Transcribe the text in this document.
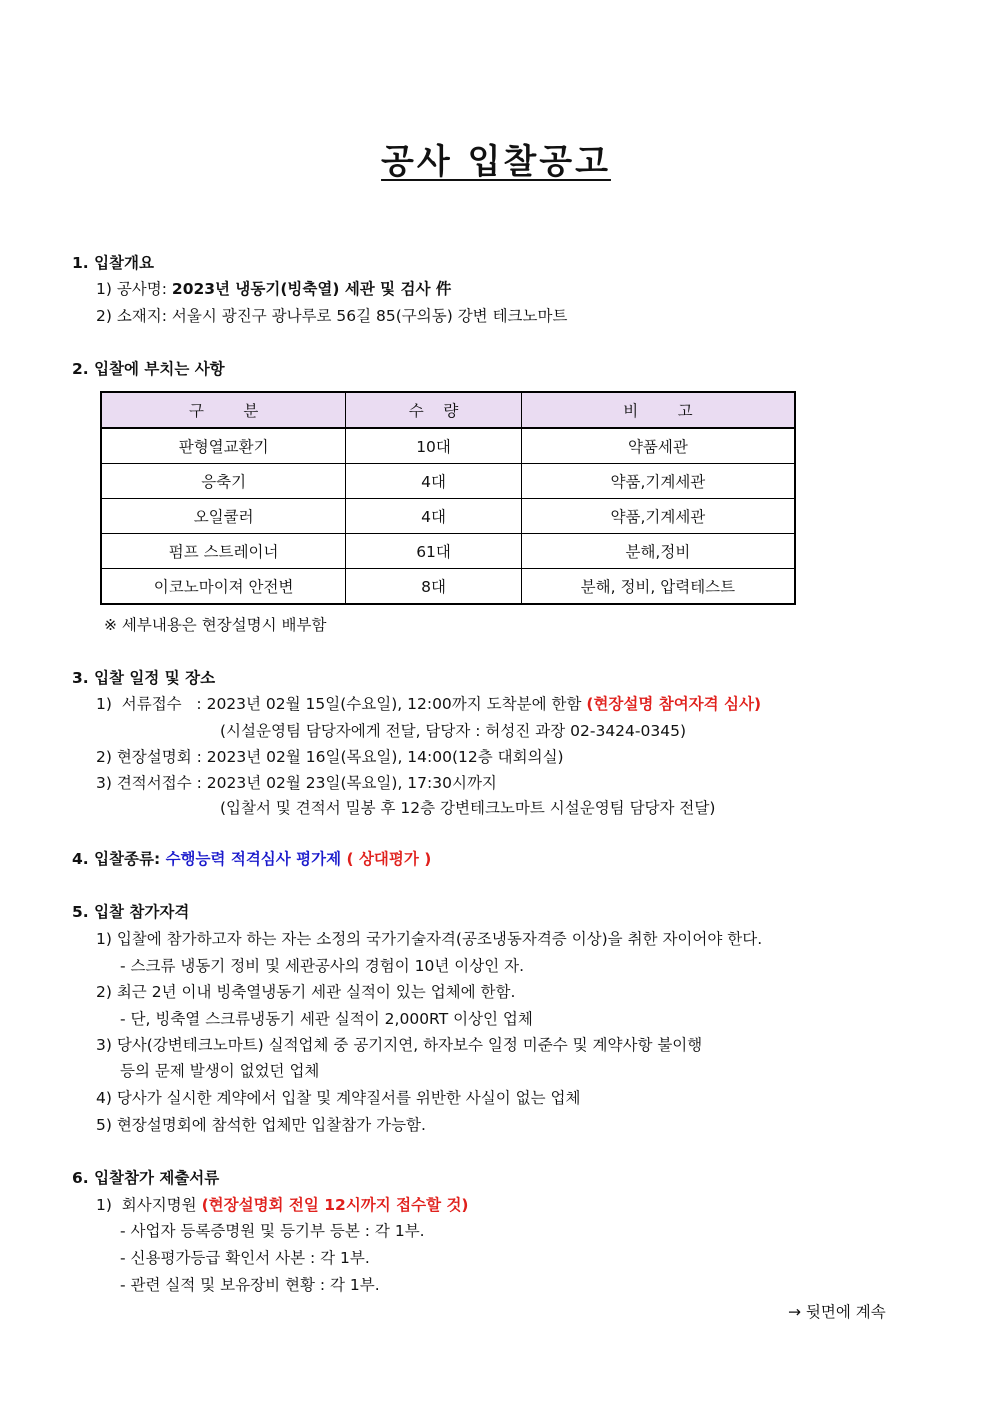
공사 입찰공고
1. 입찰개요
1) 공사명: 2023년 냉동기(빙축열) 세관 및 검사 件
2) 소재지: 서울시 광진구 광나루로 56길 85(구의동) 강변 테크노마트
2. 입찰에 부치는 사항
구        분	수    량	비        고
판형열교환기	10대	약품세관
응축기	4대	약품,기계세관
오일쿨러	4대	약품,기계세관
펌프 스트레이너	61대	분해,정비
이코노마이져 안전변	8대	분해, 정비, 압력테스트
※ 세부내용은 현장설명시 배부함
3. 입찰 일정 및 장소
1)  서류접수   : 2023년 02월 15일(수요일), 12:00까지 도착분에 한함 (현장설명 참여자격 심사)
(시설운영팀 담당자에게 전달, 담당자 : 허성진 과장 02-3424-0345)
2) 현장설명회 : 2023년 02월 16일(목요일), 14:00(12층 대회의실)
3) 견적서접수 : 2023년 02월 23일(목요일), 17:30시까지
(입찰서 및 견적서 밀봉 후 12층 강변테크노마트 시설운영팀 담당자 전달)
4. 입찰종류: 수행능력 적격심사 평가제 ( 상대평가 )
5. 입찰 참가자격
1) 입찰에 참가하고자 하는 자는 소정의 국가기술자격(공조냉동자격증 이상)을 취한 자이어야 한다.
- 스크류 냉동기 정비 및 세관공사의 경험이 10년 이상인 자.
2) 최근 2년 이내 빙축열냉동기 세관 실적이 있는 업체에 한함.
- 단, 빙축열 스크류냉동기 세관 실적이 2,000RT 이상인 업체
3) 당사(강변테크노마트) 실적업체 중 공기지연, 하자보수 일정 미준수 및 계약사항 불이행
등의 문제 발생이 없었던 업체
4) 당사가 실시한 계약에서 입찰 및 계약질서를 위반한 사실이 없는 업체
5) 현장설명회에 참석한 업체만 입찰참가 가능함.
6. 입찰참가 제출서류
1)  회사지명원 (현장설명회 전일 12시까지 접수할 것)
- 사업자 등록증명원 및 등기부 등본 : 각 1부.
- 신용평가등급 확인서 사본 : 각 1부.
- 관련 실적 및 보유장비 현황 : 각 1부.
→ 뒷면에 계속
